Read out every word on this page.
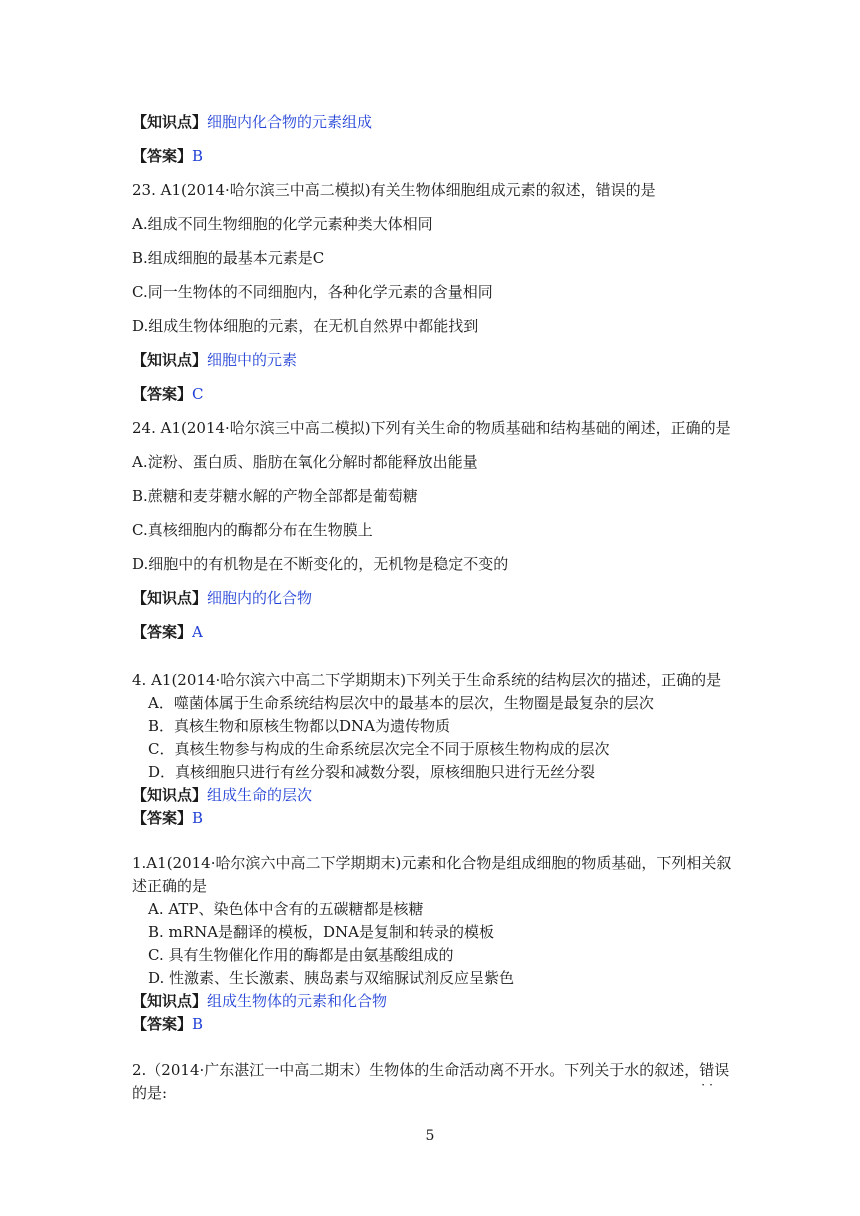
【知识点】细胞内化合物的元素组成
【答案】B
23. A1(2014·哈尔滨三中高二模拟)有关生物体细胞组成元素的叙述，错误的是
A.组成不同生物细胞的化学元素种类大体相同
B.组成细胞的最基本元素是C
C.同一生物体的不同细胞内，各种化学元素的含量相同
D.组成生物体细胞的元素，在无机自然界中都能找到
【知识点】细胞中的元素
【答案】C
24. A1(2014·哈尔滨三中高二模拟)下列有关生命的物质基础和结构基础的阐述，正确的是
A.淀粉、蛋白质、脂肪在氧化分解时都能释放出能量
B.蔗糖和麦芽糖水解的产物全部都是葡萄糖
C.真核细胞内的酶都分布在生物膜上
D.细胞中的有机物是在不断变化的，无机物是稳定不变的
【知识点】细胞内的化合物
【答案】A
4. A1(2014·哈尔滨六中高二下学期期末)下列关于生命系统的结构层次的描述，正确的是
A．噬菌体属于生命系统结构层次中的最基本的层次，生物圈是最复杂的层次
B．真核生物和原核生物都以DNA为遗传物质
C．真核生物参与构成的生命系统层次完全不同于原核生物构成的层次
D．真核细胞只进行有丝分裂和减数分裂，原核细胞只进行无丝分裂
【知识点】组成生命的层次
【答案】B
1.A1(2014·哈尔滨六中高二下学期期末)元素和化合物是组成细胞的物质基础，下列相关叙
述正确的是
A. ATP、染色体中含有的五碳糖都是核糖
B. mRNA是翻译的模板，DNA是复制和转录的模板
C. 具有生物催化作用的酶都是由氨基酸组成的
D. 性激素、生长激素、胰岛素与双缩脲试剂反应呈紫色
【知识点】组成生物体的元素和化合物
【答案】B
2.（2014·广东湛江一中高二期末）生物体的生命活动离不开水。下列关于水的叙述，错误 ··
的是:
5
